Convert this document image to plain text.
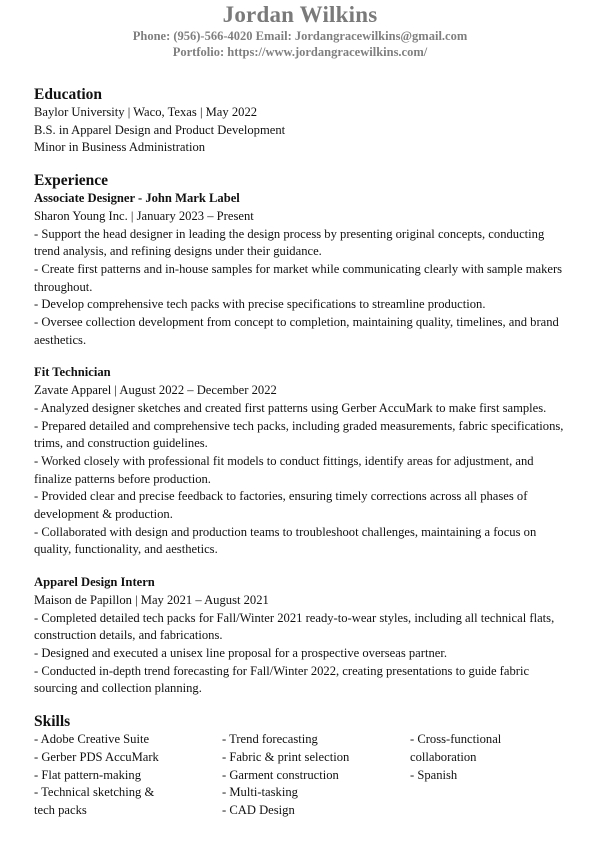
Jordan Wilkins
Phone: (956)-566-4020 Email: Jordangracewilkins@gmail.com
Portfolio: https://www.jordangracewilkins.com/
Education
Baylor University | Waco, Texas | May 2022
B.S. in Apparel Design and Product Development
Minor in Business Administration
Experience
Associate Designer - John Mark Label
Sharon Young Inc. | January 2023 – Present
- Support the head designer in leading the design process by presenting original concepts, conducting trend analysis, and refining designs under their guidance.
- Create first patterns and in-house samples for market while communicating clearly with sample makers throughout.
- Develop comprehensive tech packs with precise specifications to streamline production.
- Oversee collection development from concept to completion, maintaining quality, timelines, and brand aesthetics.
Fit Technician
Zavate Apparel | August 2022 – December 2022
- Analyzed designer sketches and created first patterns using Gerber AccuMark to make first samples.
- Prepared detailed and comprehensive tech packs, including graded measurements, fabric specifications, trims, and construction guidelines.
- Worked closely with professional fit models to conduct fittings, identify areas for adjustment, and finalize patterns before production.
- Provided clear and precise feedback to factories, ensuring timely corrections across all phases of development & production.
- Collaborated with design and production teams to troubleshoot challenges, maintaining a focus on quality, functionality, and aesthetics.
Apparel Design Intern
Maison de Papillon | May 2021 – August 2021
- Completed detailed tech packs for Fall/Winter 2021 ready-to-wear styles, including all technical flats, construction details, and fabrications.
- Designed and executed a unisex line proposal for a prospective overseas partner.
- Conducted in-depth trend forecasting for Fall/Winter 2022, creating presentations to guide fabric sourcing and collection planning.
Skills
- Adobe Creative Suite
- Gerber PDS AccuMark
- Flat pattern-making
- Technical sketching & tech packs
- Trend forecasting
- Fabric & print selection
- Garment construction
- Multi-tasking
- CAD Design
- Cross-functional collaboration
- Spanish
